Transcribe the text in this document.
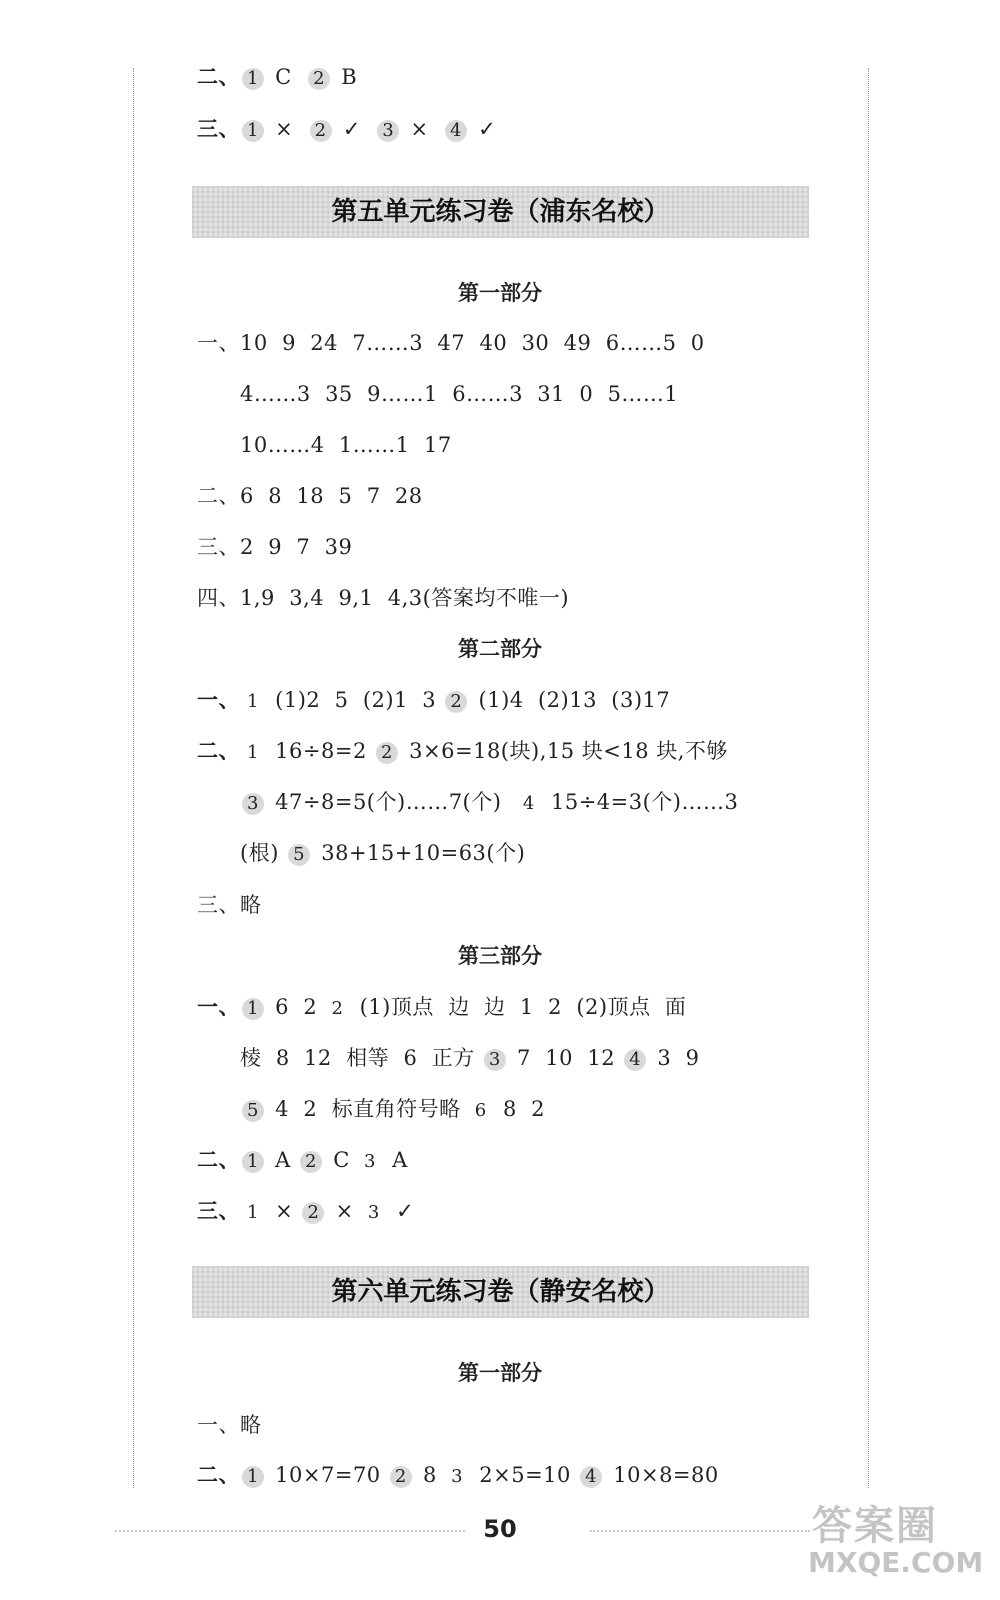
二、 1 C 2 B
三、 1 × 2 ✓ 3 × 4 ✓
第五单元练习卷（浦东名校）
第一部分
一、10  9  24  7……3  47  40  30  49  6……5  0
4……3  35  9……1  6……3  31  0  5……1
10……4  1……1  17
二、6  8  18  5  7  28
三、2  9  7  39
四、1,9  3,4  9,1  4,3(答案均不唯一)
第二部分
一、 1 (1)2  5  (2)1  3 2 (1)4  (2)13  (3)17
二、 1 16÷8=2 2 3×6=18(块),15 块<18 块,不够
3 47÷8=5(个)……7(个)  4 15÷4=3(个)……3
(根) 5 38+15+10=63(个)
三、略
第三部分
一、 1 6  2 2 (1)顶点  边  边  1  2  (2)顶点  面
棱  8  12  相等  6  正方 3 7  10  12 4 3  9
5 4  2  标直角符号略 6 8  2
二、 1 A 2 C 3 A
三、 1 × 2 × 3 ✓
第六单元练习卷（静安名校）
第一部分
一、略
二、 1 10×7=70 2 8 3 2×5=10 4 10×8=80
50	答案圈
MXQE.COM
